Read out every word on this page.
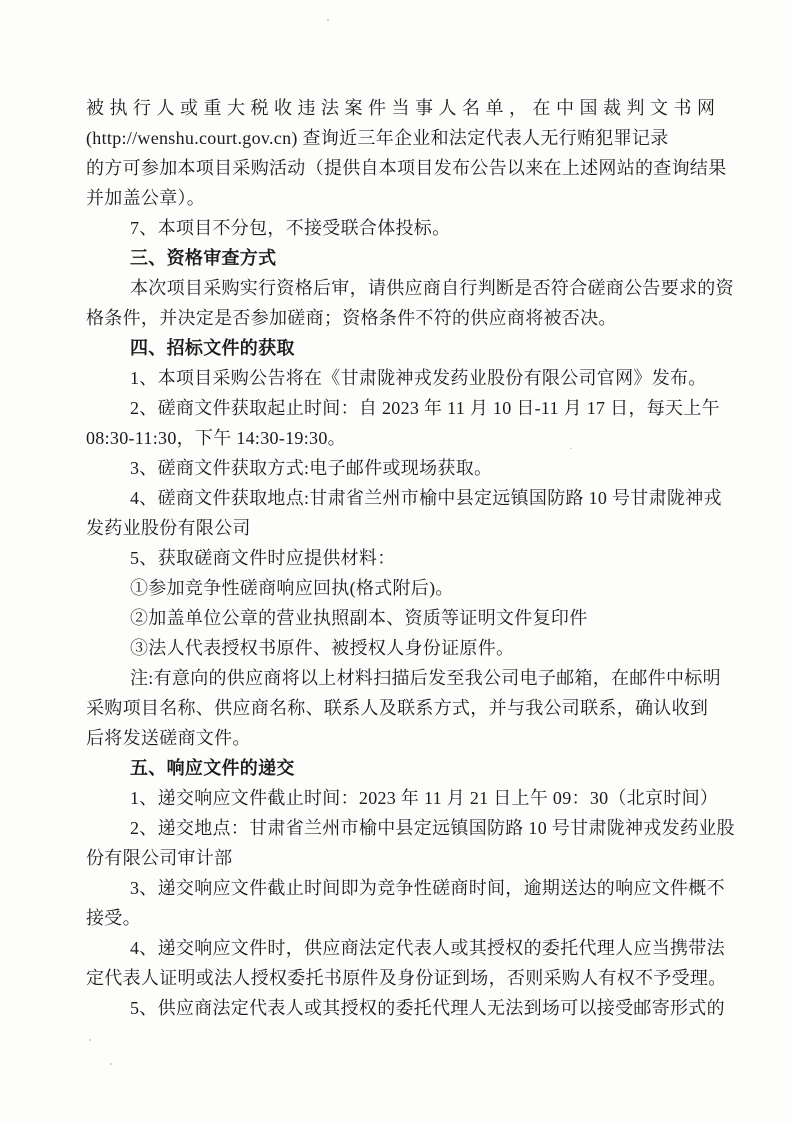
被执行人或重大税收违法案件当事人名单，在中国裁判文书网
(http://wenshu.court.gov.cn) 查询近三年企业和法定代表人无行贿犯罪记录
的方可参加本项目采购活动（提供自本项目发布公告以来在上述网站的查询结果
并加盖公章）。
7、本项目不分包，不接受联合体投标。
三、资格审查方式
本次项目采购实行资格后审，请供应商自行判断是否符合磋商公告要求的资
格条件，并决定是否参加磋商；资格条件不符的供应商将被否决。
四、招标文件的获取
1、本项目采购公告将在《甘肃陇神戎发药业股份有限公司官网》发布。
2、磋商文件获取起止时间：自 2023 年 11 月 10 日-11 月 17 日，每天上午
08:30-11:30，下午 14:30-19:30。
3、磋商文件获取方式:电子邮件或现场获取。
4、磋商文件获取地点:甘肃省兰州市榆中县定远镇国防路 10 号甘肃陇神戎
发药业股份有限公司
5、获取磋商文件时应提供材料：
①参加竞争性磋商响应回执(格式附后)。
②加盖单位公章的营业执照副本、资质等证明文件复印件
③法人代表授权书原件、被授权人身份证原件。
注:有意向的供应商将以上材料扫描后发至我公司电子邮箱，在邮件中标明
采购项目名称、供应商名称、联系人及联系方式，并与我公司联系，确认收到
后将发送磋商文件。
五、响应文件的递交
1、递交响应文件截止时间：2023 年 11 月 21 日上午 09：30（北京时间）
2、递交地点：甘肃省兰州市榆中县定远镇国防路 10 号甘肃陇神戎发药业股
份有限公司审计部
3、递交响应文件截止时间即为竞争性磋商时间，逾期送达的响应文件概不
接受。
4、递交响应文件时，供应商法定代表人或其授权的委托代理人应当携带法
定代表人证明或法人授权委托书原件及身份证到场，否则采购人有权不予受理。
5、供应商法定代表人或其授权的委托代理人无法到场可以接受邮寄形式的
